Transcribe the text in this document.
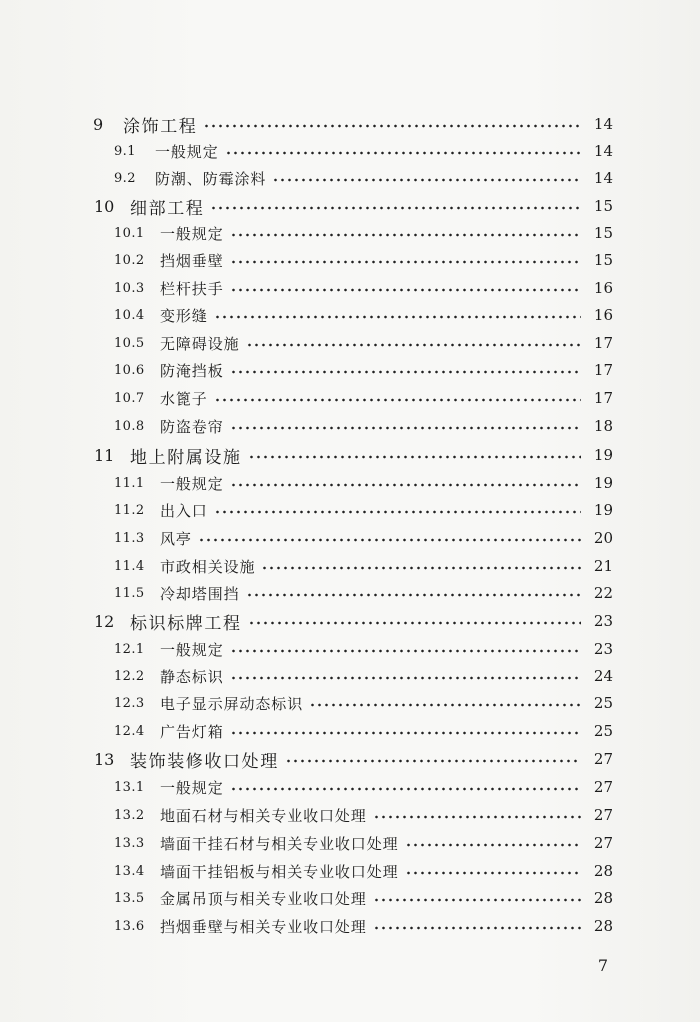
9	涂饰工程	14
9.1	一般规定	14
9.2	防潮、防霉涂料	14
10 细部工程	15
10.1	一般规定	15
10.2	挡烟垂壁	15
10.3	栏杆扶手	16
10.4	变形缝	16
10.5	无障碍设施	17
10.6	防淹挡板	17
10.7	水篦子	17
10.8	防盗卷帘	18
11 地上附属设施	19
11.1	一般规定	19
11.2	出入口	19
11.3	风亭	20
11.4	市政相关设施	21
11.5	冷却塔围挡	22
12 标识标牌工程	23
12.1	一般规定	23
12.2	静态标识	24
12.3	电子显示屏动态标识	25
12.4	广告灯箱	25
13 装饰装修收口处理	27
13.1	一般规定	27
13.2	地面石材与相关专业收口处理	27
13.3	墙面干挂石材与相关专业收口处理	27
13.4	墙面干挂铝板与相关专业收口处理	28
13.5	金属吊顶与相关专业收口处理	28
13.6	挡烟垂壁与相关专业收口处理	28
7
